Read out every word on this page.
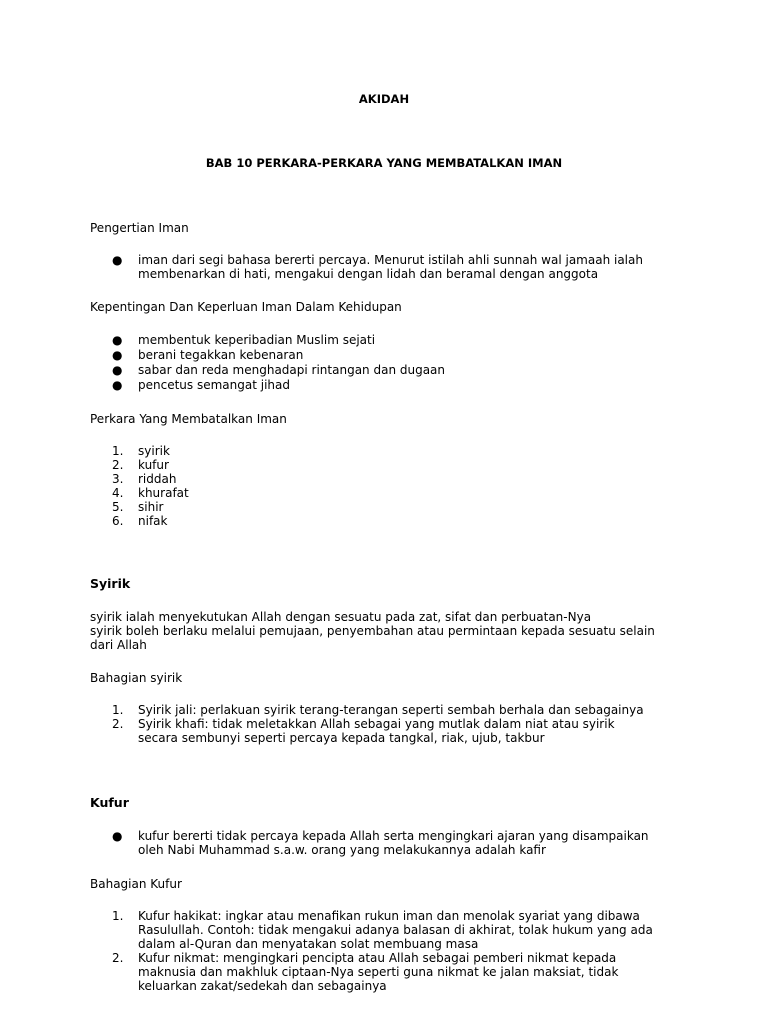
AKIDAH
BAB 10 PERKARA-PERKARA YANG MEMBATALKAN IMAN
Pengertian Iman
● iman dari segi bahasa bererti percaya. Menurut istilah ahli sunnah wal jamaah ialah membenarkan di hati, mengakui dengan lidah dan beramal dengan anggota
Kepentingan Dan Keperluan Iman Dalam Kehidupan
● membentuk keperibadian Muslim sejati
● berani tegakkan kebenaran
● sabar dan reda menghadapi rintangan dan dugaan
● pencetus semangat jihad
Perkara Yang Membatalkan Iman
1. syirik
2. kufur
3. riddah
4. khurafat
5. sihir
6. nifak
Syirik
syirik ialah menyekutukan Allah dengan sesuatu pada zat, sifat dan perbuatan-Nya
syirik boleh berlaku melalui pemujaan, penyembahan atau permintaan kepada sesuatu selain dari Allah
Bahagian syirik
1. Syirik jali: perlakuan syirik terang-terangan seperti sembah berhala dan sebagainya
2. Syirik khafi: tidak meletakkan Allah sebagai yang mutlak dalam niat atau syirik secara sembunyi seperti percaya kepada tangkal, riak, ujub, takbur
Kufur
● kufur bererti tidak percaya kepada Allah serta mengingkari ajaran yang disampaikan oleh Nabi Muhammad s.a.w. orang yang melakukannya adalah kafir
Bahagian Kufur
1. Kufur hakikat: ingkar atau menafikan rukun iman dan menolak syariat yang dibawa Rasulullah. Contoh: tidak mengakui adanya balasan di akhirat, tolak hukum yang ada dalam al-Quran dan menyatakan solat membuang masa
2. Kufur nikmat: mengingkari pencipta atau Allah sebagai pemberi nikmat kepada maknusia dan makhluk ciptaan-Nya seperti guna nikmat ke jalan maksiat, tidak keluarkan zakat/sedekah dan sebagainya
